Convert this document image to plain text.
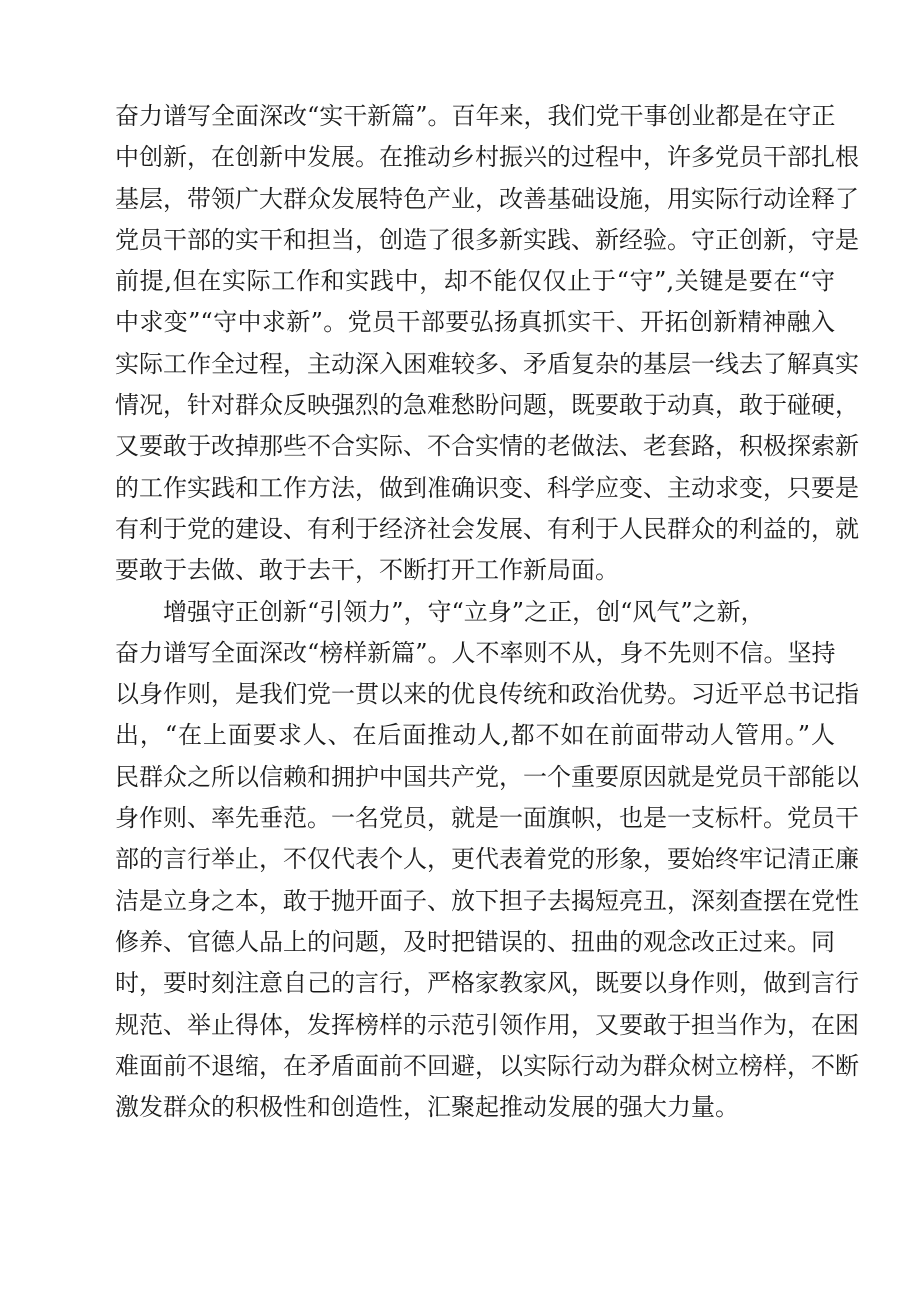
奋力谱写全面深改“实干新篇”。百年来，我们党干事创业都是在守正
中创新，在创新中发展。在推动乡村振兴的过程中，许多党员干部扎根
基层，带领广大群众发展特色产业，改善基础设施，用实际行动诠释了
党员干部的实干和担当，创造了很多新实践、新经验。守正创新，守是
前提,但在实际工作和实践中，却不能仅仅止于“守”,关键是要在“守
中求变”“守中求新”。党员干部要弘扬真抓实干、开拓创新精神融入
实际工作全过程，主动深入困难较多、矛盾复杂的基层一线去了解真实
情况，针对群众反映强烈的急难愁盼问题，既要敢于动真，敢于碰硬，
又要敢于改掉那些不合实际、不合实情的老做法、老套路，积极探索新
的工作实践和工作方法，做到准确识变、科学应变、主动求变，只要是
有利于党的建设、有利于经济社会发展、有利于人民群众的利益的，就
要敢于去做、敢于去干，不断打开工作新局面。
增强守正创新“引领力”，守“立身”之正，创“风气”之新，
奋力谱写全面深改“榜样新篇”。人不率则不从，身不先则不信。坚持
以身作则，是我们党一贯以来的优良传统和政治优势。习近平总书记指
出，“在上面要求人、在后面推动人,都不如在前面带动人管用。”人
民群众之所以信赖和拥护中国共产党，一个重要原因就是党员干部能以
身作则、率先垂范。一名党员，就是一面旗帜，也是一支标杆。党员干
部的言行举止，不仅代表个人，更代表着党的形象，要始终牢记清正廉
洁是立身之本，敢于抛开面子、放下担子去揭短亮丑，深刻查摆在党性
修养、官德人品上的问题，及时把错误的、扭曲的观念改正过来。同
时，要时刻注意自己的言行，严格家教家风，既要以身作则，做到言行
规范、举止得体，发挥榜样的示范引领作用，又要敢于担当作为，在困
难面前不退缩，在矛盾面前不回避，以实际行动为群众树立榜样，不断
激发群众的积极性和创造性，汇聚起推动发展的强大力量。
